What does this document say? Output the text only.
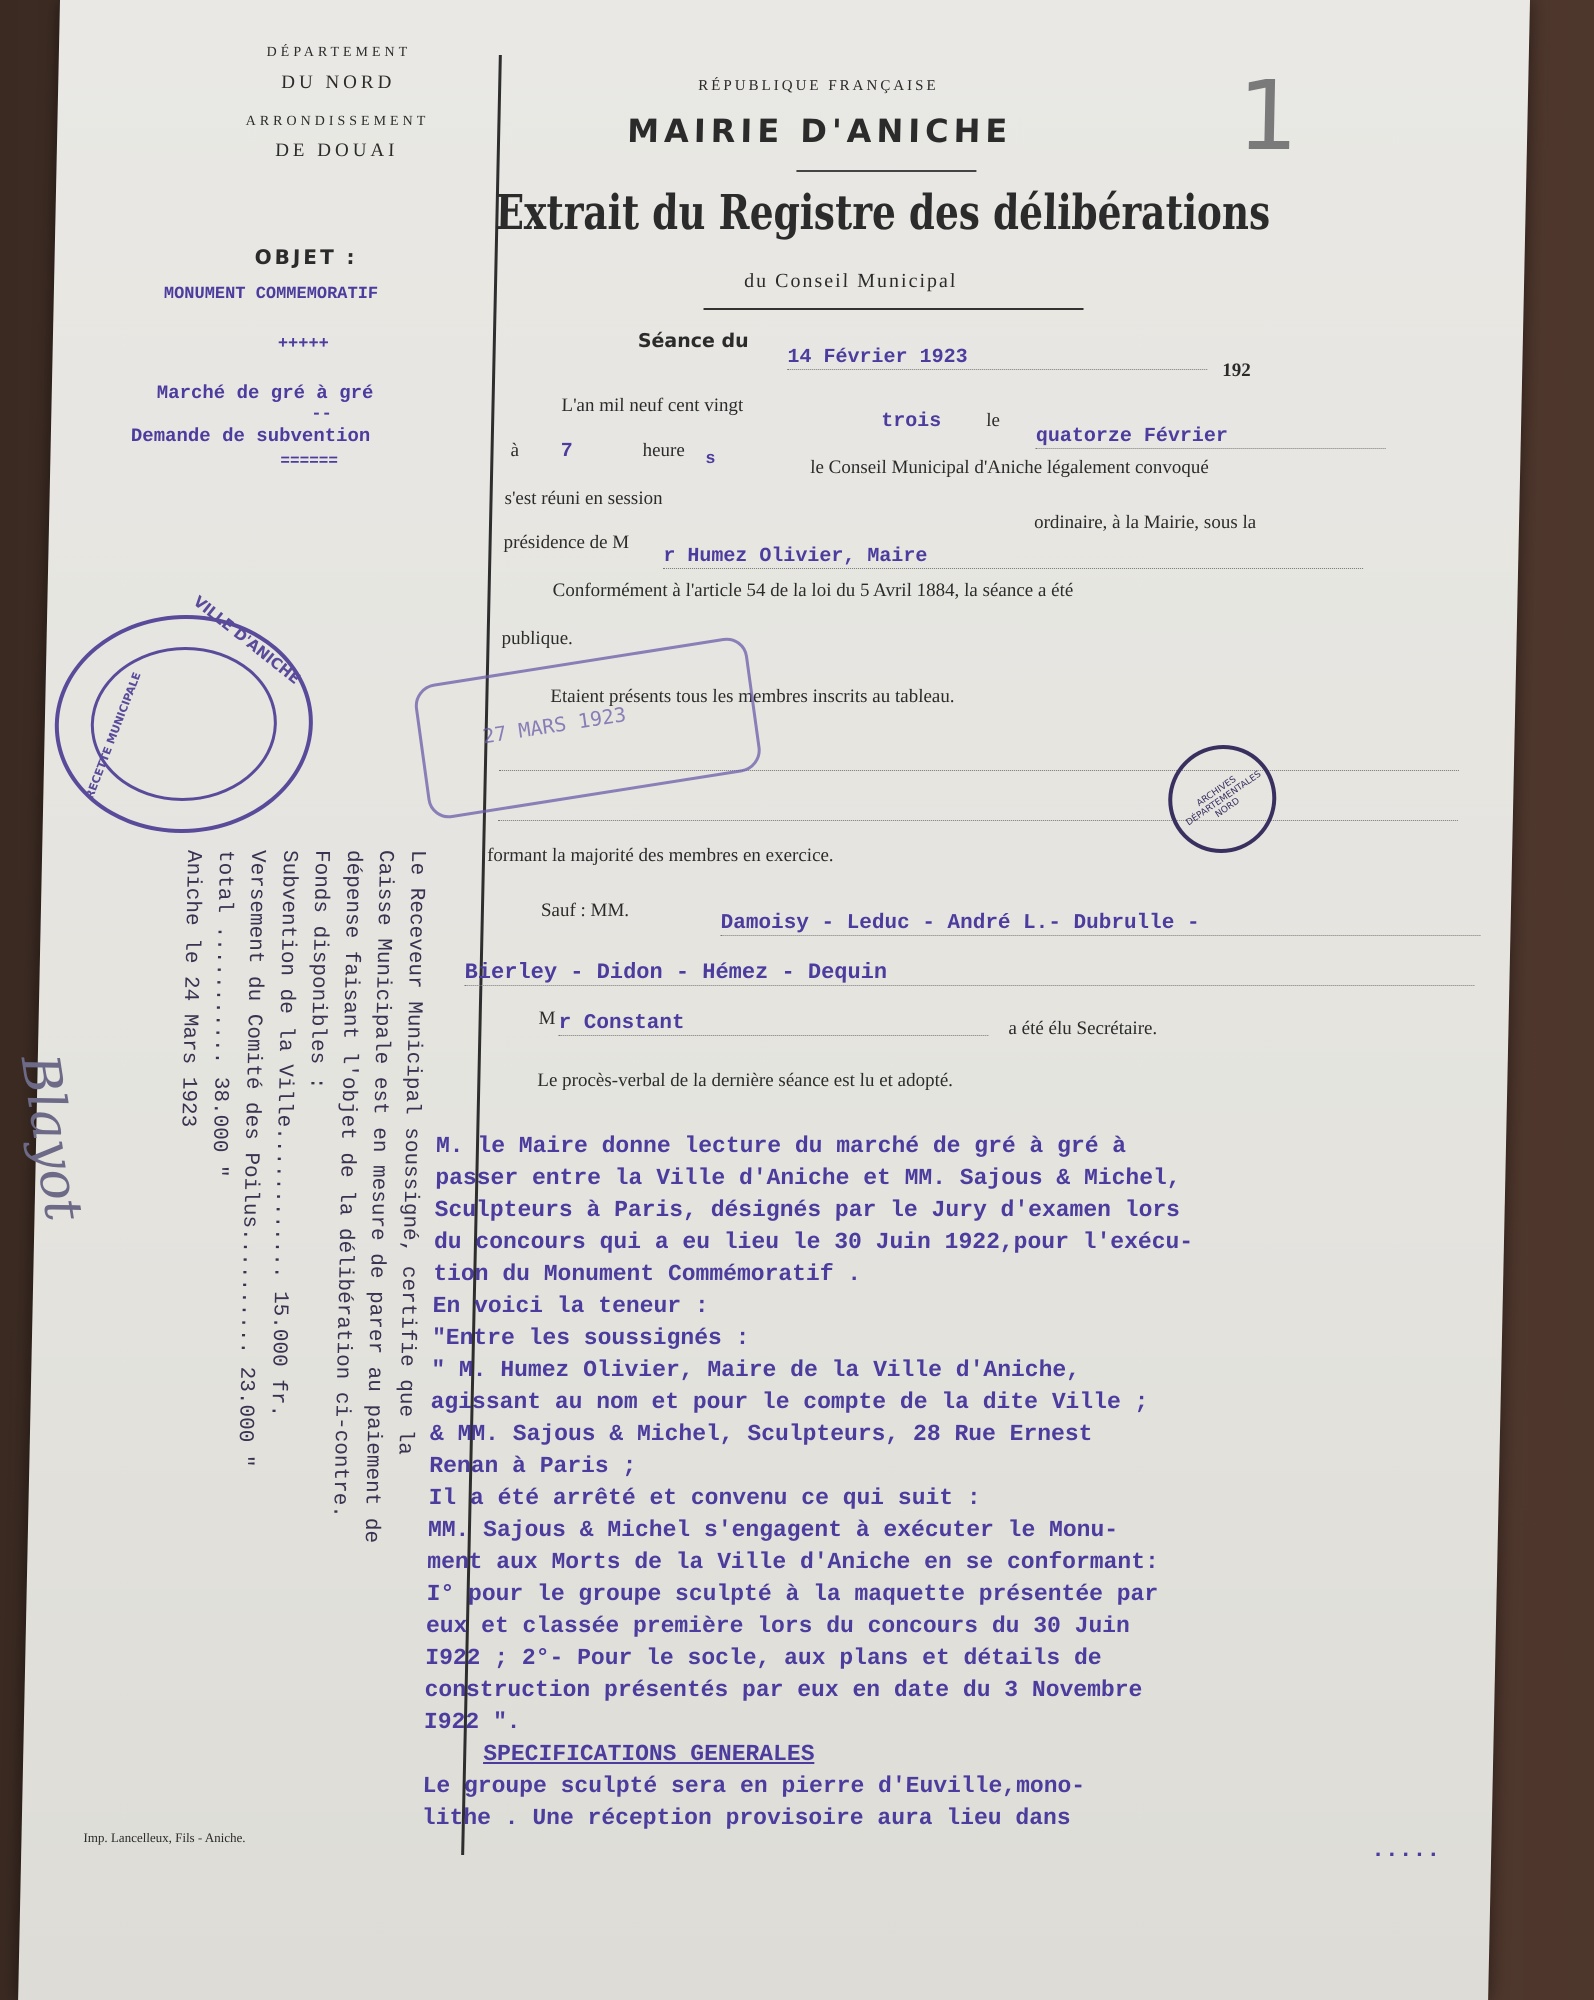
DÉPARTEMENT
DU NORD
ARRONDISSEMENT
DE DOUAI
RÉPUBLIQUE FRANÇAISE
MAIRIE D'ANICHE
Extrait du Registre des délibérations
du Conseil Municipal
1
OBJET :
MONUMENT COMMEMORATIF
+++++
Marché de gré à gré
--
Demande de subvention
======
Séance du
14 Février 1923
192
L'an mil neuf cent vingt
trois le
quatorze Février
à 7	heure s	le Conseil Municipal d'Aniche légalement convoqué
s'est réuni en session
ordinaire, à la Mairie, sous la
présidence de M
r Humez Olivier, Maire
Conformément à l'article 54 de la loi du 5 Avril 1884, la séance a été
publique.
Etaient présents tous les membres inscrits au tableau.
formant la majorité des membres en exercice.
Sauf : MM.
Damoisy - Leduc - André L.- Dubrulle -
Bierley - Didon - Hémez - Dequin
M r Constant	a été élu Secrétaire.
Le procès-verbal de la dernière séance est lu et adopté.

M. le Maire donne lecture du marché de gré à gré à

passer entre la Ville d'Aniche et MM. Sajous & Michel,

Sculpteurs à Paris, désignés par le Jury d'examen lors

du concours qui a eu lieu le 30 Juin 1922,pour l'exécu-

tion du Monument Commémoratif .

En voici la teneur :

"Entre les soussignés :

" M. Humez Olivier, Maire de la Ville d'Aniche,

agissant au nom et pour le compte de la dite Ville ;

& MM. Sajous & Michel, Sculpteurs, 28 Rue Ernest

Renan à Paris ;

Il a été arrêté et convenu ce qui suit :

MM. Sajous & Michel s'engagent à exécuter le Monu-

ment aux Morts de la Ville d'Aniche en se conformant:

I° pour le groupe sculpté à la maquette présentée par

eux et classée première lors du concours du 30 Juin

I922 ; 2°- Pour le socle, aux plans et détails de

construction présentés par eux en date du 3 Novembre

I922 ".

SPECIFICATIONS GENERALES

Le groupe sculpté sera en pierre d'Euville,mono-

lithe . Une réception provisoire aura lieu dans

.....

VILLE D'ANICHE
RECETTE MUNICIPALE	27 MARS 1923
ARCHIVES DÉPARTEMENTALES NORD
Le Receveur Municipal soussigné, certifie que la
Caisse Municipale est en mesure de parer au paiement de
dépense faisant l'objet de la délibération ci-contre.
Fonds disponibles :
Subvention de la Ville............ 15.000 fr.
Versement du Comité des Poilus.......... 23.000 "
total ........... 38.000 "
Aniche le 24 Mars 1923
Blayot
Imp. Lancelleux, Fils - Aniche.
